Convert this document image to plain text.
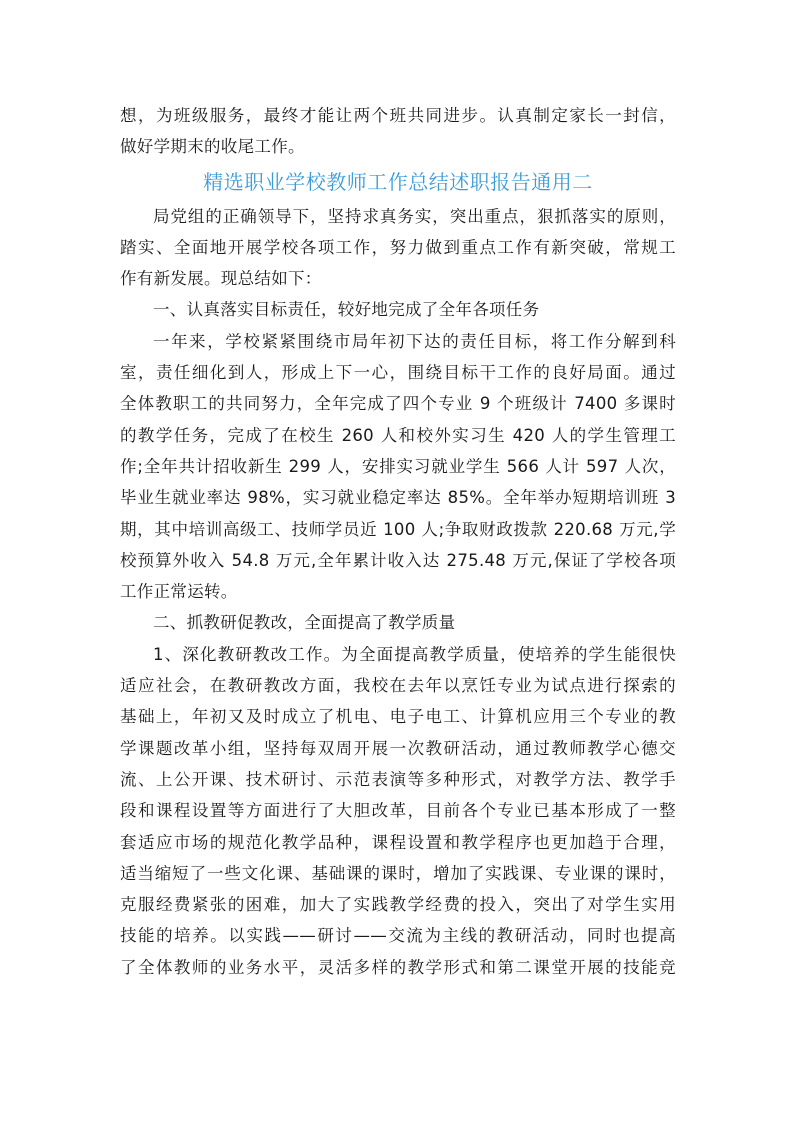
想，为班级服务，最终才能让两个班共同进步。认真制定家长一封信，
做好学期末的收尾工作。
精选职业学校教师工作总结述职报告通用二
局党组的正确领导下，坚持求真务实，突出重点，狠抓落实的原则，
踏实、全面地开展学校各项工作，努力做到重点工作有新突破，常规工
作有新发展。现总结如下：
一、认真落实目标责任，较好地完成了全年各项任务
一年来，学校紧紧围绕市局年初下达的责任目标，将工作分解到科
室，责任细化到人，形成上下一心，围绕目标干工作的良好局面。通过
全体教职工的共同努力，全年完成了四个专业 9 个班级计 7400 多课时
的教学任务，完成了在校生 260 人和校外实习生 420 人的学生管理工
作;全年共计招收新生 299 人，安排实习就业学生 566 人计 597 人次，
毕业生就业率达 98%，实习就业稳定率达 85%。全年举办短期培训班 3
期，其中培训高级工、技师学员近 100 人;争取财政拨款 220.68 万元,学
校预算外收入 54.8 万元,全年累计收入达 275.48 万元,保证了学校各项
工作正常运转。
二、抓教研促教改，全面提高了教学质量
1、深化教研教改工作。为全面提高教学质量，使培养的学生能很快
适应社会，在教研教改方面，我校在去年以烹饪专业为试点进行探索的
基础上，年初又及时成立了机电、电子电工、计算机应用三个专业的教
学课题改革小组，坚持每双周开展一次教研活动，通过教师教学心德交
流、上公开课、技术研讨、示范表演等多种形式，对教学方法、教学手
段和课程设置等方面进行了大胆改革，目前各个专业已基本形成了一整
套适应市场的规范化教学品种，课程设置和教学程序也更加趋于合理，
适当缩短了一些文化课、基础课的课时，增加了实践课、专业课的课时，
克服经费紧张的困难，加大了实践教学经费的投入，突出了对学生实用
技能的培养。以实践——研讨——交流为主线的教研活动，同时也提高
了全体教师的业务水平，灵活多样的教学形式和第二课堂开展的技能竞
